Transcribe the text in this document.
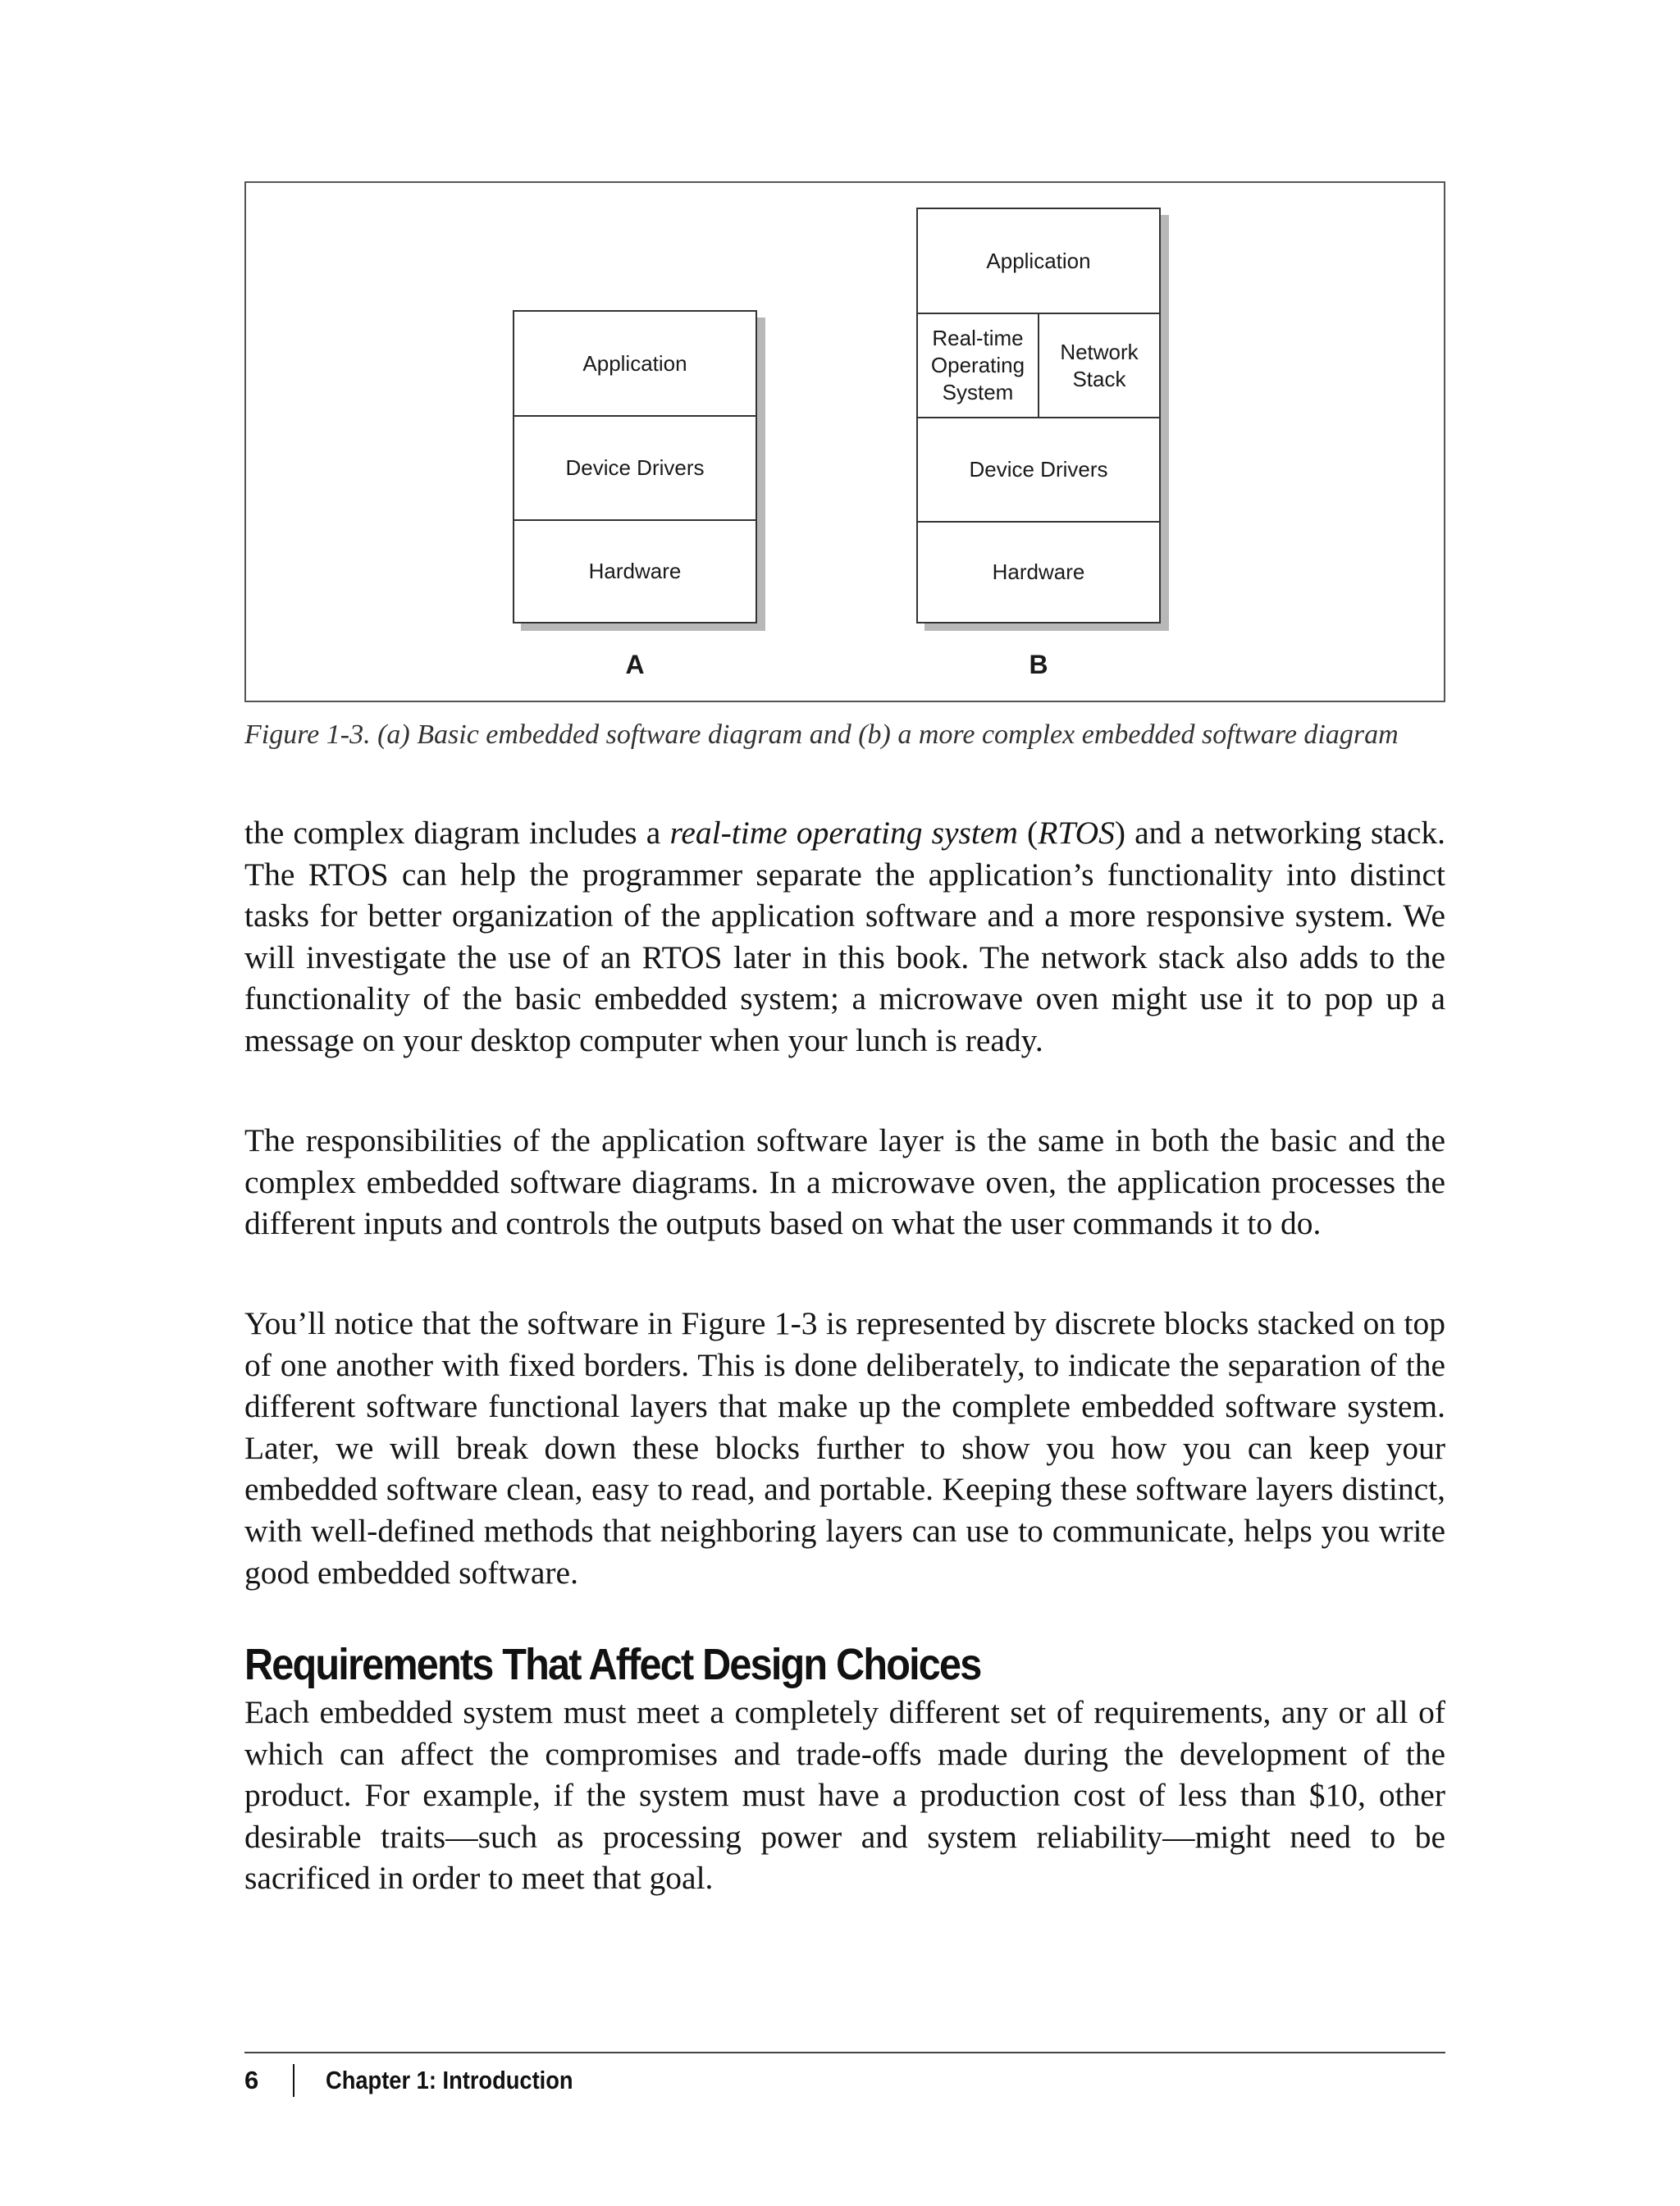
Application
Device Drivers
Hardware
Application
Real-time
Operating
System
Network
Stack
Device Drivers
Hardware
A	B
Figure 1-3. (a) Basic embedded software diagram and (b) a more complex embedded software diagram

the complex diagram includes a real-time operating system (RTOS) and a networking stack. The RTOS can help the programmer separate the application’s functionality into distinct tasks for better organization of the application software and a more responsive system. We will investigate the use of an RTOS later in this book. The network stack also adds to the functionality of the basic embedded system; a microwave oven might use it to pop up a message on your desktop computer when your lunch is ready.

The responsibilities of the application software layer is the same in both the basic and the complex embedded software diagrams. In a microwave oven, the application processes the different inputs and controls the outputs based on what the user commands it to do.

You’ll notice that the software in Figure 1-3 is represented by discrete blocks stacked on top of one another with fixed borders. This is done deliberately, to indicate the separation of the different software functional layers that make up the complete embedded software system. Later, we will break down these blocks further to show you how you can keep your embedded software clean, easy to read, and portable. Keeping these software layers distinct, with well-defined methods that neighboring layers can use to communicate, helps you write good embedded software.

Requirements That Affect Design Choices

Each embedded system must meet a completely different set of requirements, any or all of which can affect the compromises and trade-offs made during the development of the product. For example, if the system must have a production cost of less than $10, other desirable traits—such as processing power and system reliability—might need to be sacrificed in order to meet that goal.

6	Chapter 1: Introduction
